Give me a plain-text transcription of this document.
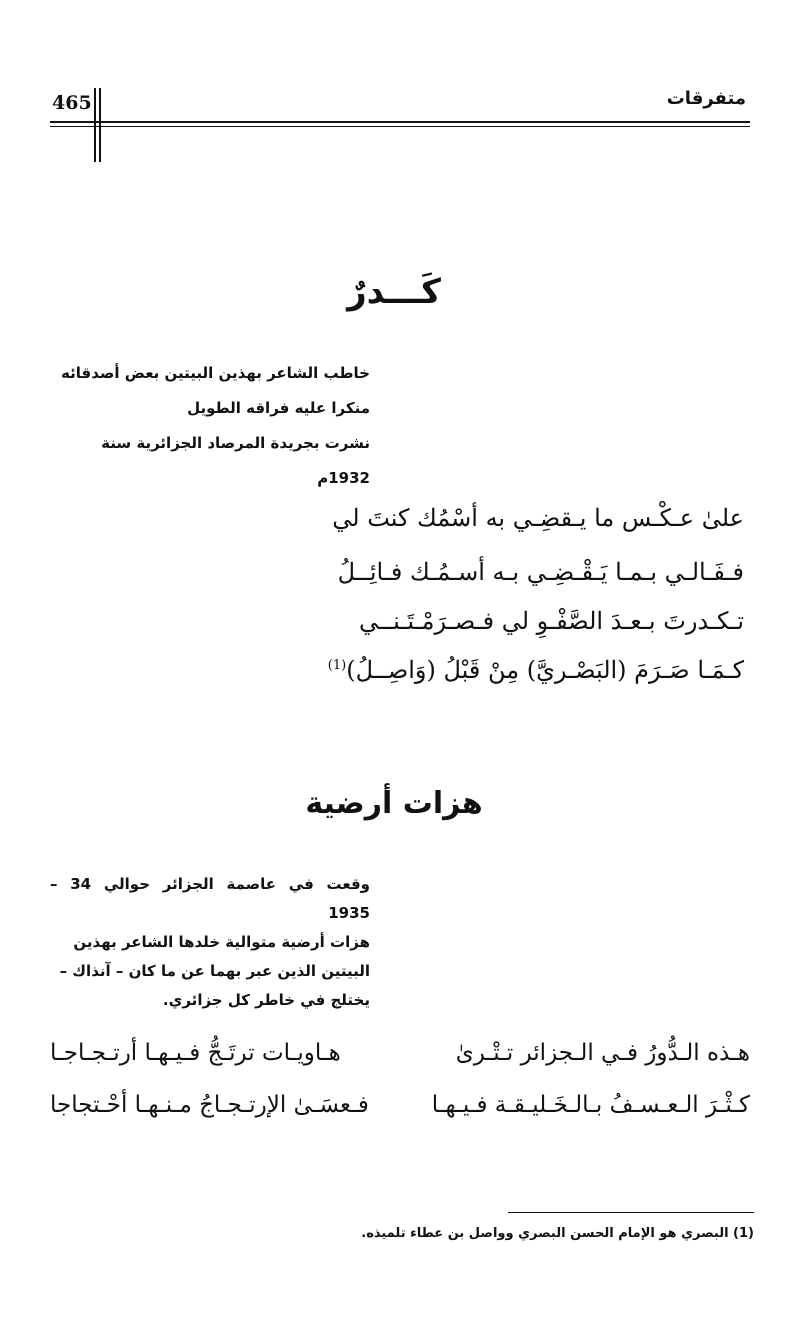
465	متفرقات
كَـــدرٌ
خاطب الشاعر بهذين البيتين بعض أصدقائه
منكرا عليه فراقه الطويل
نشرت بجريدة المرصاد الجزائرية سنة 1932م
علىٰ عـكْـس ما يـقضِـي به أسْمُك كنتَ لي
فـفَـالـي بـمـا يَـقْـضِـي بـه أسـمُـك فـائِــلُ
تـكـدرتَ بـعـدَ الصَّفْـوِ لي فـصـرَمْـتَـنــي
كـمَـا صَـرَمَ (البَصْـريَّ) مِنْ قَبْلُ (وَاصِــلُ)$^{(1)}$
هزات أرضية
وقعت في عاصمة الجزائر حوالي 34 – 1935
هزات أرضية متوالية خلدها الشاعر بهذين
البيتين الذين عبر بهما عن ما كان – آنذاك –
يختلج في خاطر كل جزائري.
هـذه الـدُّورُ فـي الـجزائر تـتْـرىٰ
هـاويـات ترتَـجُّ فـيـهـا أرتـجـاجـا
كـثْـرَ الـعـسـفُ بـالـخَـليـقـة فـيـهـا
فـعسَـىٰ الإرتـجـاجُ مـنـهـا أحْـتجاجا
(1) البصري هو الإمام الحسن البصري وواصل بن عطاء تلميذه.
